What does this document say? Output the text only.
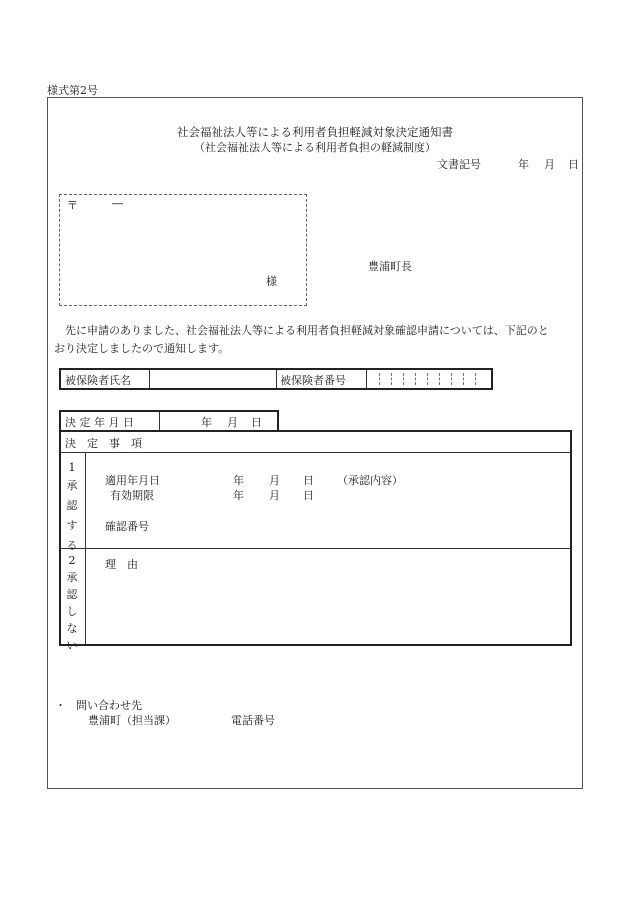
様式第2号
社会福祉法人等による利用者負担軽減対象決定通知書
（社会福祉法人等による利用者負担の軽減制度）
文書記号	年 月 日
〒	―
様
豊浦町長
先に申請のありました、社会福祉法人等による利用者負担軽減対象確認申請については、下記のと
おり決定しましたので通知します。
被保険者氏名	被保険者番号
決 定 年 月 日	年 月 日
決　定　事　項
1
承
認
す
る
適用年月日	年 月 日 （承認内容）
有効期限	年 月 日
確認番号
2
承
認
し
な
い
理　由
・ 問い合わせ先
豊浦町（担当課）	電話番号
